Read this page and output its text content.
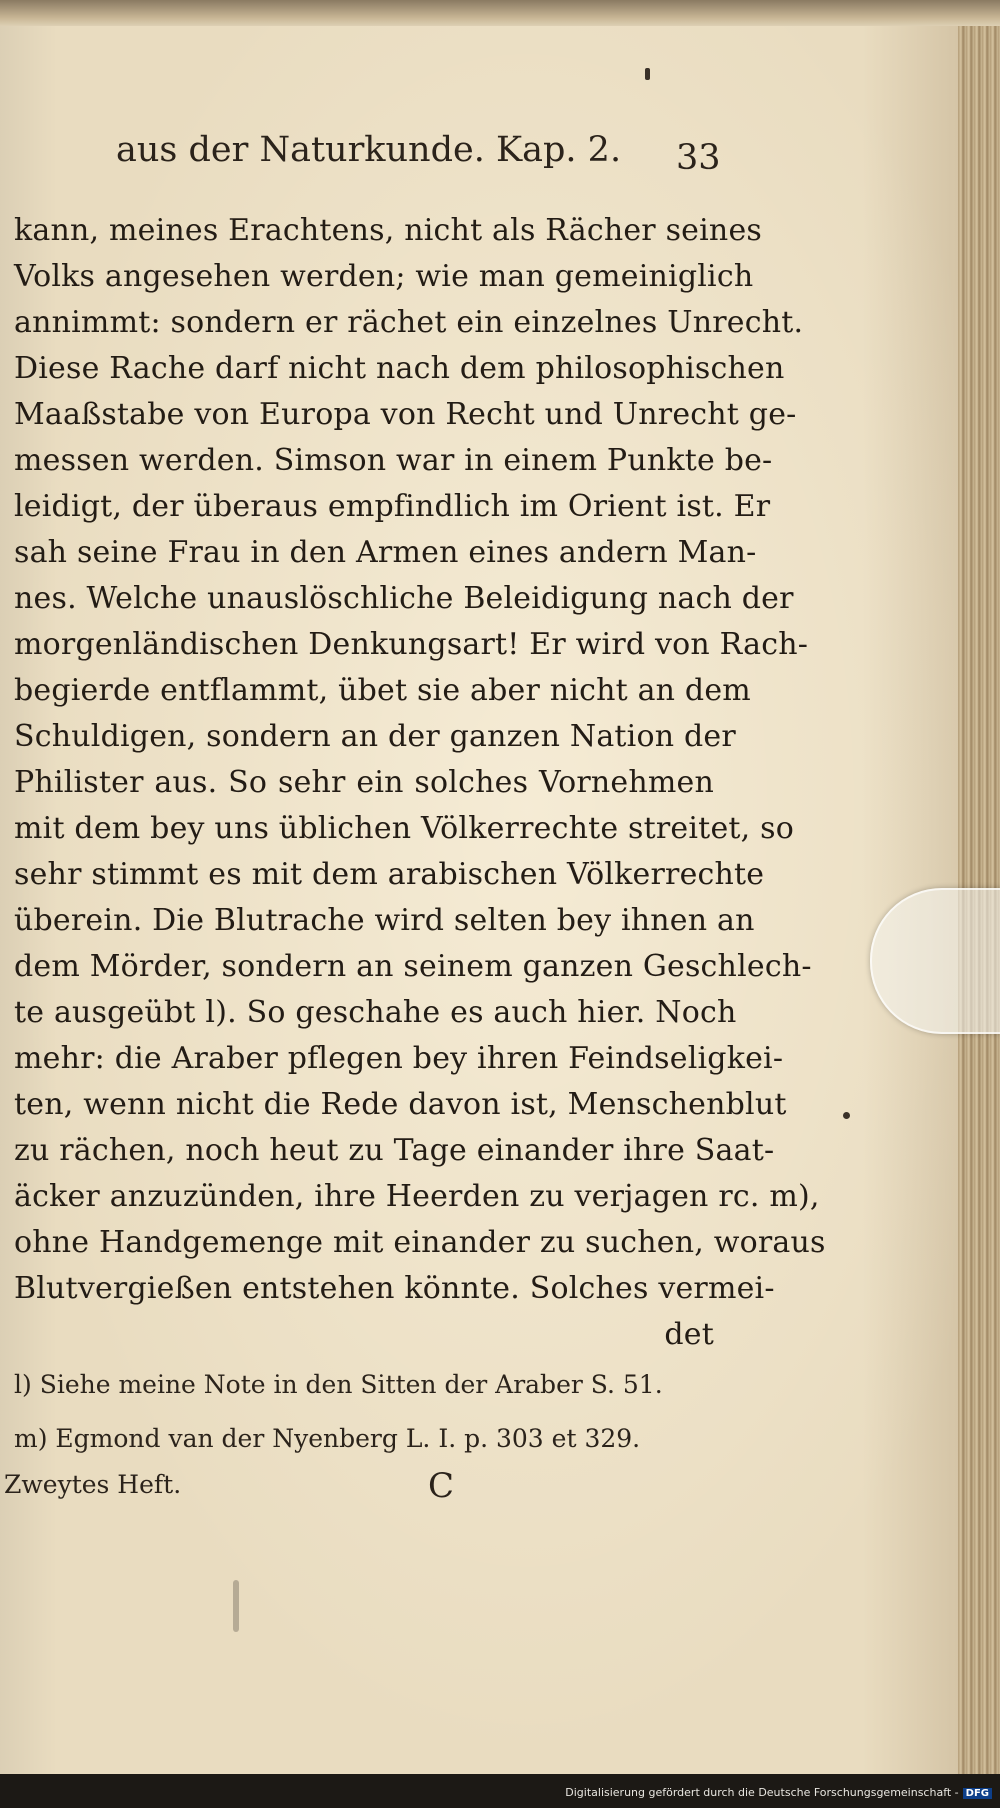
aus der Naturkunde. Kap. 2. 33
kann, meines Erachtens, nicht als Rächer seines
Volks angesehen werden; wie man gemeiniglich
annimmt: sondern er rächet ein einzelnes Unrecht.
Diese Rache darf nicht nach dem philosophischen
Maaßstabe von Europa von Recht und Unrecht ge-
messen werden. Simson war in einem Punkte be-
leidigt, der überaus empfindlich im Orient ist. Er
sah seine Frau in den Armen eines andern Man-
nes. Welche unauslöschliche Beleidigung nach der
morgenländischen Denkungsart! Er wird von Rach-
begierde entflammt, übet sie aber nicht an dem
Schuldigen, sondern an der ganzen Nation der
Philister aus. So sehr ein solches Vornehmen
mit dem bey uns üblichen Völkerrechte streitet, so
sehr stimmt es mit dem arabischen Völkerrechte
überein. Die Blutrache wird selten bey ihnen an
dem Mörder, sondern an seinem ganzen Geschlech-
te ausgeübt l). So geschahe es auch hier. Noch
mehr: die Araber pflegen bey ihren Feindseligkei-
ten, wenn nicht die Rede davon ist, Menschenblut
zu rächen, noch heut zu Tage einander ihre Saat-
äcker anzuzünden, ihre Heerden zu verjagen rc. m),
ohne Handgemenge mit einander zu suchen, woraus
Blutvergießen entstehen könnte. Solches vermei-
det
l) Siehe meine Note in den Sitten der Araber S. 51.
m) Egmond van der Nyenberg L. I. p. 303 et 329.
Zweytes Heft.	C
Digitalisierung gefördert durch die Deutsche Forschungsgemeinschaft - DFG
